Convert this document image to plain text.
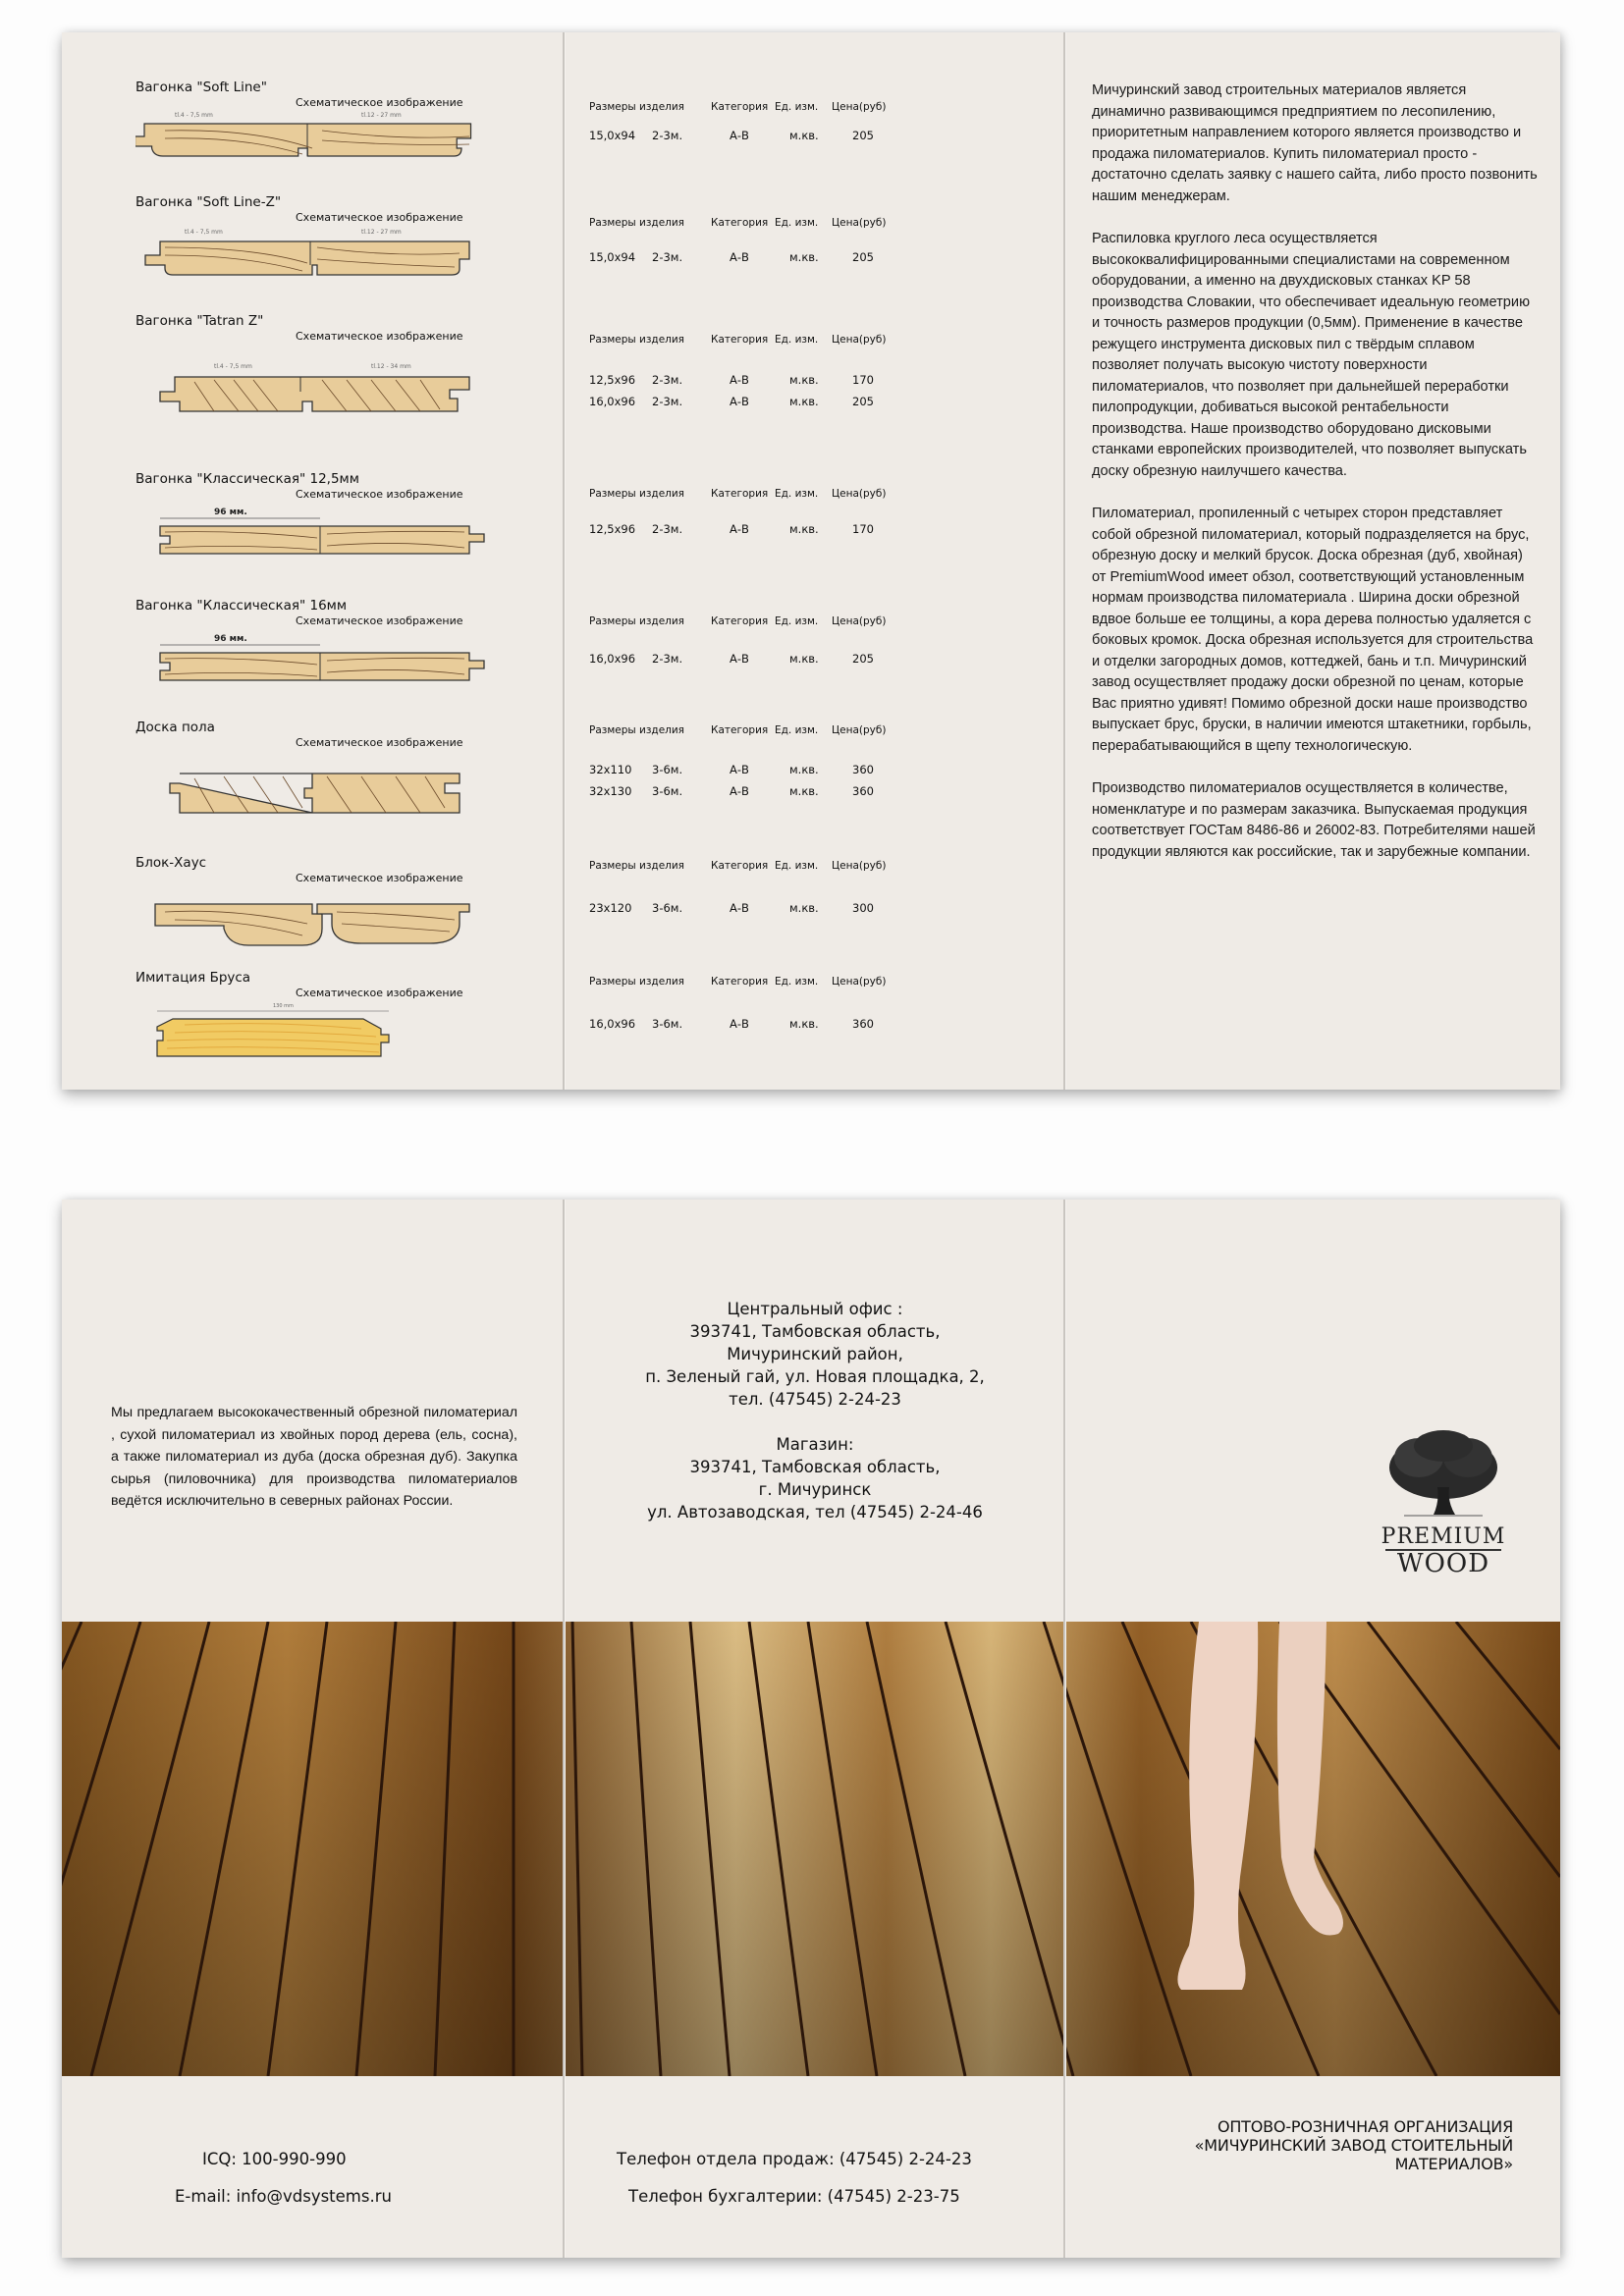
Вагонка "Soft Line"
Схематическое изображение
tl.4 - 7,5 mm	tl.12 - 27 mm
Вагонка "Soft Line-Z"
Схематическое изображение
tl.4 - 7,5 mm	tl.12 - 27 mm
Вагонка "Tatran Z"
Схематическое изображение
tl.4 - 7,5 mm	tl.12 - 34 mm
Вагонка "Классическая" 12,5мм
Схематическое изображение
96 мм.
Вагонка "Классическая" 16мм
Схематическое изображение
96 мм.
Доска пола
Схематическое изображение
Блок-Хаус
Схематическое изображение
Имитация Бруса
Схематическое изображение
130 mm
Размеры изделия	Категория Ед. изм. Цена(руб)
15,0x94 2-3м.	А-В	м.кв.	205
Размеры изделия	Категория Ед. изм. Цена(руб)
15,0x94 2-3м.	А-В	м.кв.	205
Размеры изделия	Категория Ед. изм. Цена(руб)
12,5x96 2-3м.	А-В	м.кв.	170
16,0x96 2-3м.	А-В	м.кв.	205
Размеры изделия	Категория Ед. изм. Цена(руб)
12,5x96 2-3м.	А-В	м.кв.	170
Размеры изделия	Категория Ед. изм. Цена(руб)
16,0x96 2-3м.	А-В	м.кв.	205
Размеры изделия	Категория Ед. изм. Цена(руб)
32x110 3-6м.	А-В	м.кв.	360
32x130 3-6м.	А-В	м.кв.	360
Размеры изделия	Категория Ед. изм. Цена(руб)
23x120 3-6м.	А-В	м.кв.	300
Размеры изделия	Категория Ед. изм. Цена(руб)
16,0x96 3-6м.	А-В	м.кв.	360

Мичуринский завод строительных материалов является динамично развивающимся предприятием по лесопилению, приоритетным направлением которого является производство и продажа пиломатериалов. Купить пиломатериал просто - достаточно сделать заявку с нашего сайта, либо просто позвонить нашим менеджерам.

Распиловка круглого леса осуществляется высококвалифицированными специалистами на современном оборудовании, а именно на двухдисковых станках KP 58 производства Словакии, что обеспечивает идеальную геометрию и точность размеров продукции (0,5мм). Применение в качестве режущего инструмента дисковых пил с твёрдым сплавом позволяет получать высокую чистоту поверхности пиломатериалов, что позволяет при дальнейшей переработки пилопродукции, добиваться высокой рентабельности производства. Наше производство оборудовано дисковыми станками европейских производителей, что позволяет выпускать доску обрезную наилучшего качества.

Пиломатериал, пропиленный с четырех сторон представляет собой обрезной пиломатериал, который подразделяется на брус, обрезную доску и мелкий брусок. Доска обрезная (дуб, хвойная) от PremiumWood имеет обзол, соответствующий установленным нормам производства пиломатериала . Ширина доски обрезной вдвое больше ее толщины, а кора дерева полностью удаляется с боковых кромок. Доска обрезная используется для строительства и отделки загородных домов, коттеджей, бань и т.п. Мичуринский завод осуществляет продажу доски обрезной по ценам, которые Вас приятно удивят! Помимо обрезной доски наше производство выпускает брус, бруски, в наличии имеются штакетники, горбыль, перерабатывающийся в щепу технологическую.

Производство пиломатериалов осуществляется в количестве, номенклатуре и по размерам заказчика. Выпускаемая продукция соответствует ГОСТам 8486-86 и 26002-83. Потребителями нашей продукции являются как российские, так и зарубежные компании.

Мы предлагаем высококачественный обрезной пиломатериал , сухой пиломатериал из хвойных пород дерева (ель, сосна), а также пиломатериал из дуба (доска обрезная дуб). Закупка сырья (пиловочника) для производства пиломатериалов ведётся исключительно в северных районах России.
ICQ: 100-990-990
E-mail: info@vdsystems.ru
Центральный офис :
393741, Тамбовская область,
Мичуринский район,
п. Зеленый гай, ул. Новая площадка, 2,
тел. (47545) 2-24-23
Магазин:
393741, Тамбовская область,
г. Мичуринск
ул. Автозаводская, тел (47545) 2-24-46
Телефон отдела продаж: (47545) 2-24-23
Телефон бухгалтерии: (47545) 2-23-75
ОПТОВО-РОЗНИЧНАЯ ОРГАНИЗАЦИЯ
«МИЧУРИНСКИЙ ЗАВОД СТОИТЕЛЬНЫЙ
МАТЕРИАЛОВ»
PREMIUM
WOOD
